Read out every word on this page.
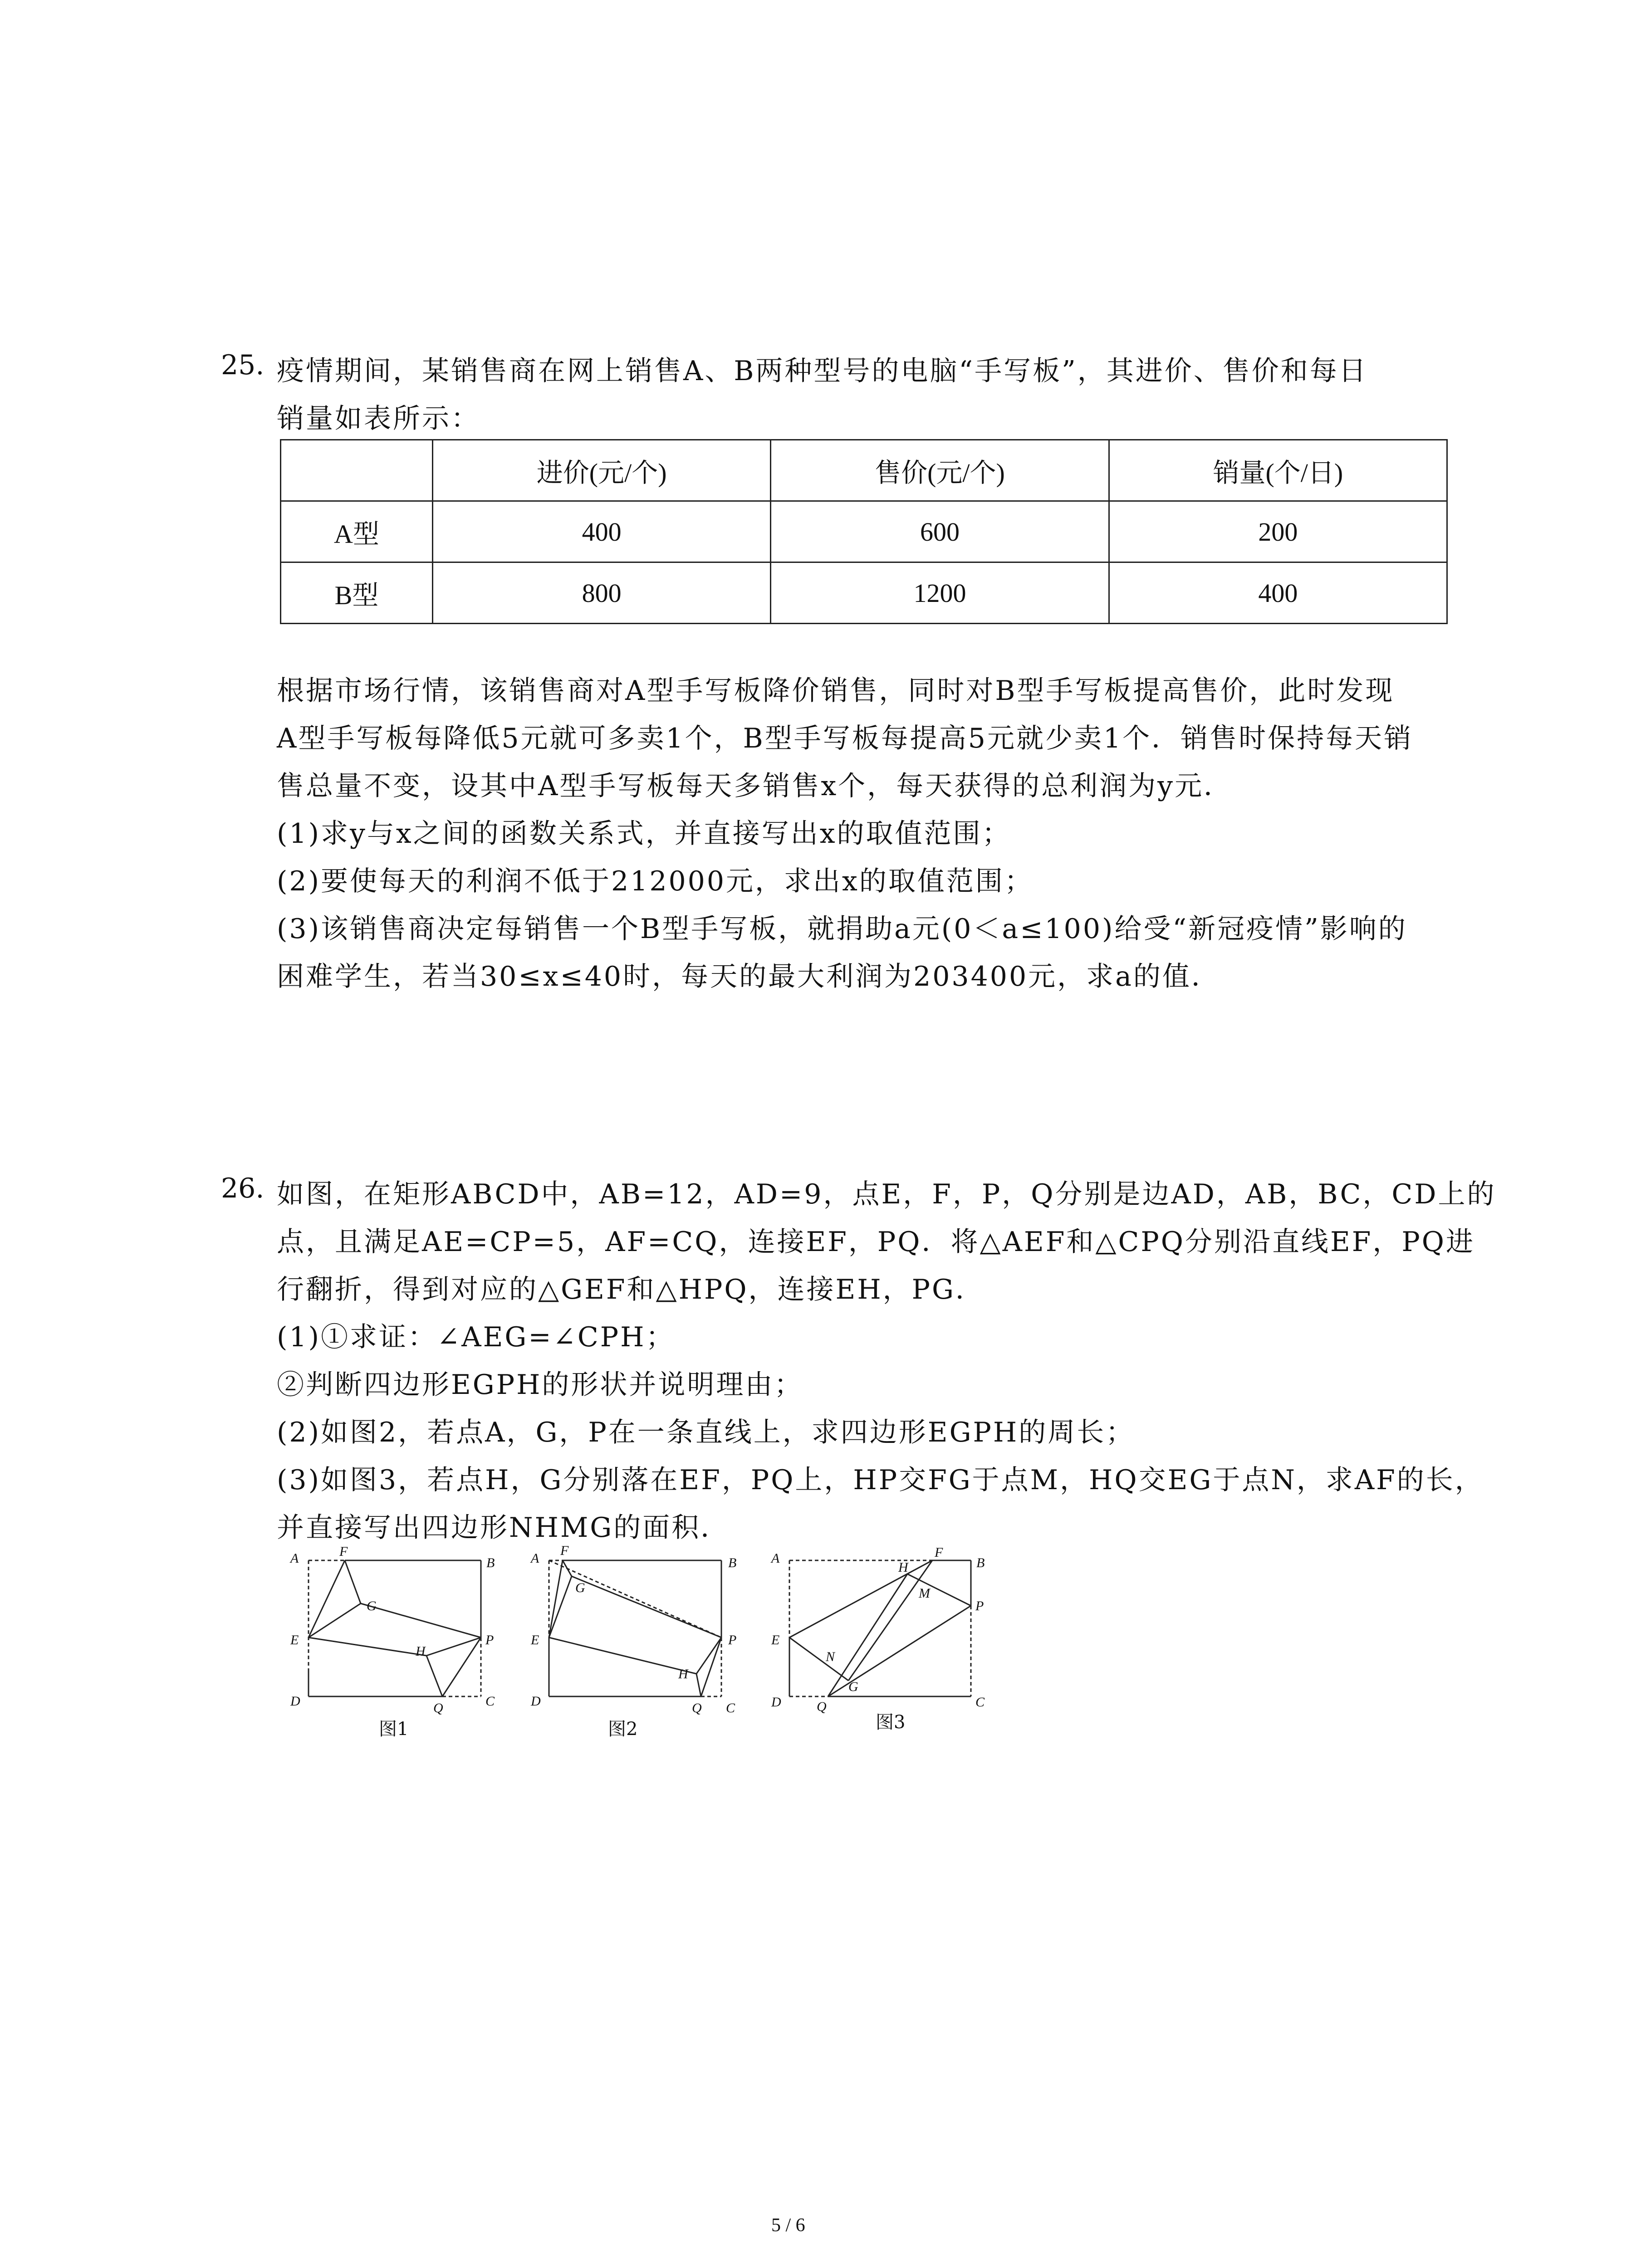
25. 疫情期间，某销售商在网上销售A、B两种型号的电脑“手写板”，其进价、售价和每日
销量如表所示：
	进价(元/个)	售价(元/个)	销量(个/日)
A型	400	600	200
B型	800	1200	400
根据市场行情，该销售商对A型手写板降价销售，同时对B型手写板提高售价，此时发现
A型手写板每降低5元就可多卖1个，B型手写板每提高5元就少卖1个．销售时保持每天销
售总量不变，设其中A型手写板每天多销售x个，每天获得的总利润为y元．
(1)求y与x之间的函数关系式，并直接写出x的取值范围；
(2)要使每天的利润不低于212000元，求出x的取值范围；
(3)该销售商决定每销售一个B型手写板，就捐助a元(0＜a≤100)给受“新冠疫情”影响的
困难学生，若当30≤x≤40时，每天的最大利润为203400元，求a的值．
26. 如图，在矩形ABCD中，AB=12，AD=9，点E，F，P，Q分别是边AD，AB，BC，CD上的
点，且满足AE=CP=5，AF=CQ，连接EF，PQ．将△AEF和△CPQ分别沿直线EF，PQ进
行翻折，得到对应的△GEF和△HPQ，连接EH，PG．
(1)①求证：∠AEG=∠CPH；
②判断四边形EGPH的形状并说明理由；
(2)如图2，若点A，G，P在一条直线上，求四边形EGPH的周长；
(3)如图3，若点H，G分别落在EF，PQ上，HP交FG于点M，HQ交EG于点N，求AF的长，
并直接写出四边形NHMG的面积．
A	F
B
G
E	P
H
D	Q	C
图1
A
F
B
G
E	P
H
D	Q C
图2
A	F
B
H
M
P
E
N
G
D	Q	C
图3
5 / 6
